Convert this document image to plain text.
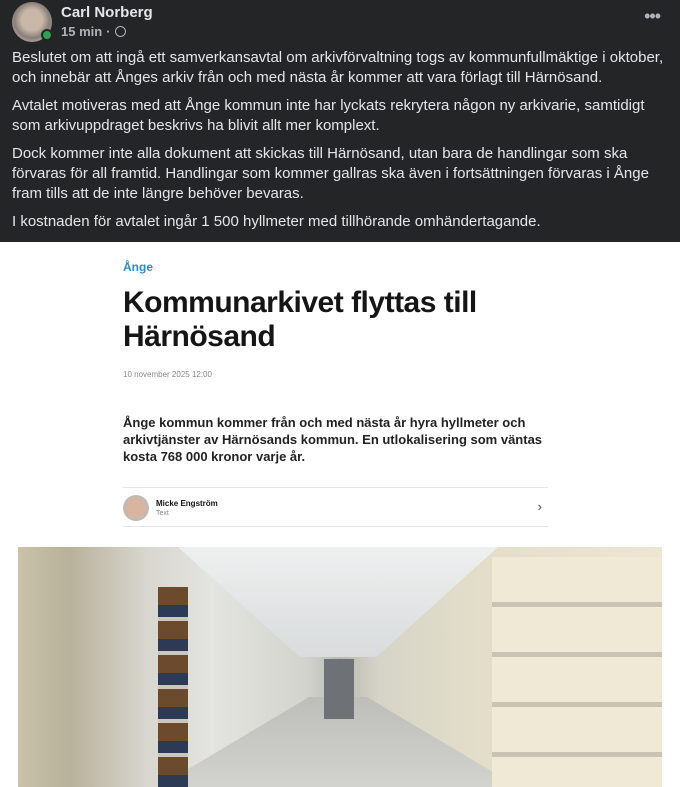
Carl Norberg
15 min ·
•••

Beslutet om att ingå ett samverkansavtal om arkivförvaltning togs av kommunfullmäktige i oktober, och innebär att Ånges arkiv från och med nästa år kommer att vara förlagt till Härnösand.

Avtalet motiveras med att Ånge kommun inte har lyckats rekrytera någon ny arkivarie, samtidigt som arkivuppdraget beskrivs ha blivit allt mer komplext.

Dock kommer inte alla dokument att skickas till Härnösand, utan bara de handlingar som ska förvaras för all framtid. Handlingar som kommer gallras ska även i fortsättningen förvaras i Ånge fram tills att de inte längre behöver bevaras.

I kostnaden för avtalet ingår 1 500 hyllmeter med tillhörande omhändertagande.

Ånge
Kommunarkivet flyttas till Härnösand
10 november 2025 12:00
Ånge kommun kommer från och med nästa år hyra hyllmeter och arkivtjänster av Härnösands kommun. En utlokalisering som väntas kosta 768 000 kronor varje år.
Micke Engström
Text	›
